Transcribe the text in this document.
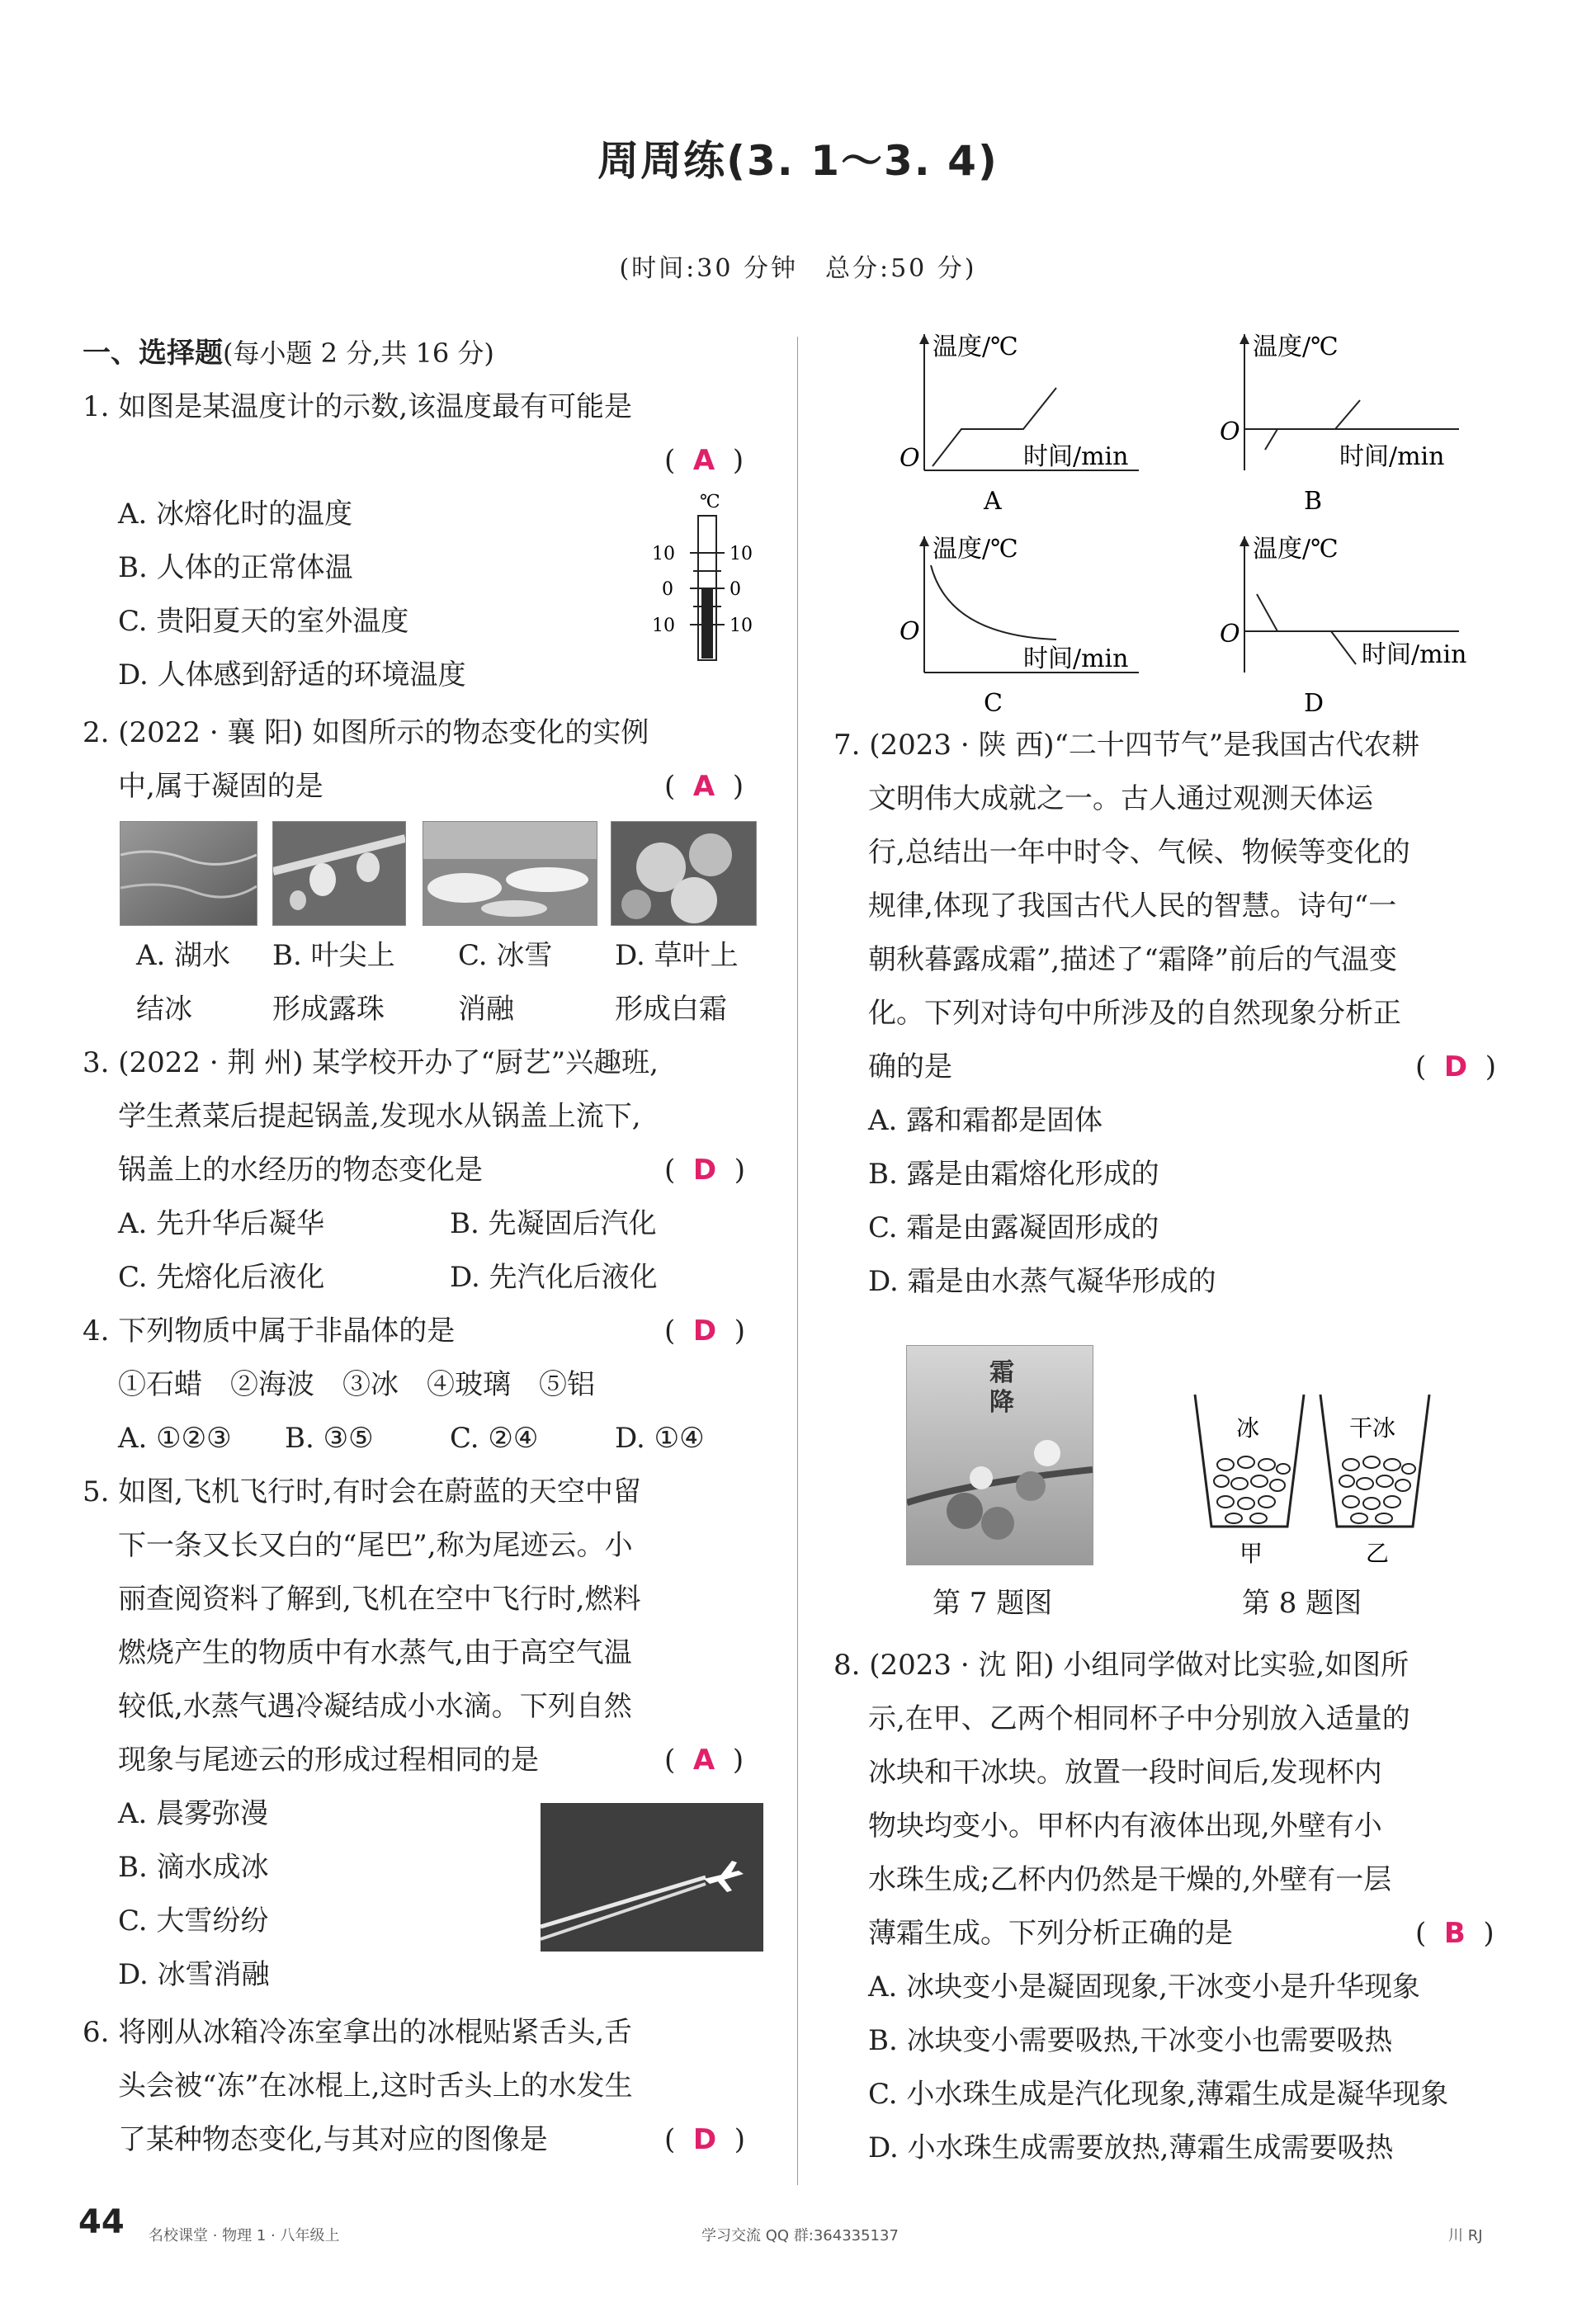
周周练(3. 1～3. 4)
(时间:30 分钟　总分:50 分)
一、选择题(每小题 2 分,共 16 分)
1. 如图是某温度计的示数,该温度最有可能是
( A )
A. 冰熔化时的温度
B. 人体的正常体温
C. 贵阳夏天的室外温度
D. 人体感到舒适的环境温度
℃
10
0
10
10
0
10
2. (2022 · 襄 阳) 如图所示的物态变化的实例
中,属于凝固的是	(  A  )
A. 湖水
结冰
B. 叶尖上
形成露珠
C. 冰雪
消融
D. 草叶上
形成白霜
3. (2022 · 荆 州) 某学校开办了“厨艺”兴趣班,
学生煮菜后提起锅盖,发现水从锅盖上流下,
锅盖上的水经历的物态变化是	(  D  )
A. 先升华后凝华	B. 先凝固后汽化
C. 先熔化后液化	D. 先汽化后液化
4. 下列物质中属于非晶体的是	(  D  )
①石蜡　②海波　③冰　④玻璃　⑤铝
A. ①②③ B. ③⑤	C. ②④	D. ①④
5. 如图,飞机飞行时,有时会在蔚蓝的天空中留
下一条又长又白的“尾巴”,称为尾迹云。小
丽查阅资料了解到,飞机在空中飞行时,燃料
燃烧产生的物质中有水蒸气,由于高空气温
较低,水蒸气遇冷凝结成小水滴。下列自然
现象与尾迹云的形成过程相同的是	(  A  )
A. 晨雾弥漫
B. 滴水成冰
C. 大雪纷纷
D. 冰雪消融
6. 将刚从冰箱冷冻室拿出的冰棍贴紧舌头,舌
头会被“冻”在冰棍上,这时舌头上的水发生
了某种物态变化,与其对应的图像是	(  D  )
温度/℃
O	时间/min
A
温度/℃
O
时间/min
B
温度/℃
O
时间/min
C
温度/℃
O
时间/min
D
7. (2023 · 陕 西)“二十四节气”是我国古代农耕
文明伟大成就之一。古人通过观测天体运
行,总结出一年中时令、气候、物候等变化的
规律,体现了我国古代人民的智慧。诗句“一
朝秋暮露成霜”,描述了“霜降”前后的气温变
化。下列对诗句中所涉及的自然现象分析正
确的是	(  D  )
A. 露和霜都是固体
B. 露是由霜熔化形成的
C. 霜是由露凝固形成的
D. 霜是由水蒸气凝华形成的
霜降
第 7 题图
冰	干冰
甲	乙
第 8 题图
8. (2023 · 沈 阳) 小组同学做对比实验,如图所
示,在甲、乙两个相同杯子中分别放入适量的
冰块和干冰块。放置一段时间后,发现杯内
物块均变小。甲杯内有液体出现,外壁有小
水珠生成;乙杯内仍然是干燥的,外壁有一层
薄霜生成。下列分析正确的是	(  B  )
A. 冰块变小是凝固现象,干冰变小是升华现象
B. 冰块变小需要吸热,干冰变小也需要吸热
C. 小水珠生成是汽化现象,薄霜生成是凝华现象
D. 小水珠生成需要放热,薄霜生成需要吸热
44 名校课堂 · 物理 1 · 八年级上	学习交流 QQ 群:364335137	川 RJ
